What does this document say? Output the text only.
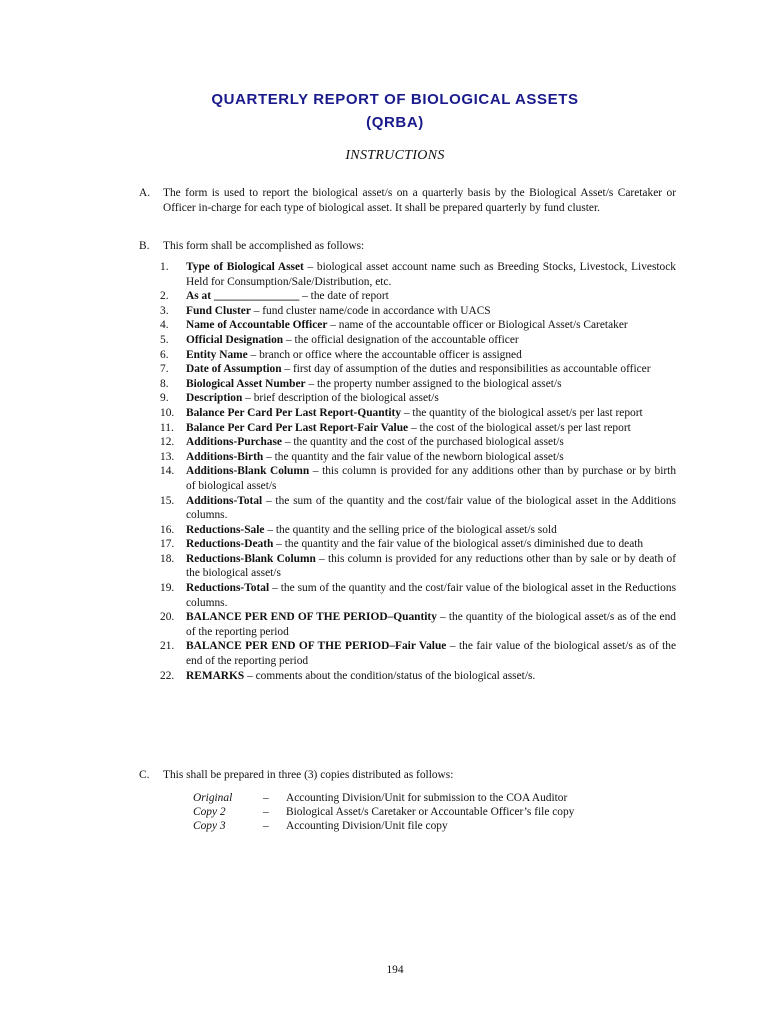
QUARTERLY REPORT OF BIOLOGICAL ASSETS
(QRBA)
INSTRUCTIONS
A. The form is used to report the biological asset/s on a quarterly basis by the Biological Asset/s Caretaker or Officer in-charge for each type of biological asset. It shall be prepared quarterly by fund cluster.
B. This form shall be accomplished as follows:
1. Type of Biological Asset – biological asset account name such as Breeding Stocks, Livestock, Livestock Held for Consumption/Sale/Distribution, etc.
2. As at _______________ – the date of report
3. Fund Cluster – fund cluster name/code in accordance with UACS
4. Name of Accountable Officer – name of the accountable officer or Biological Asset/s Caretaker
5. Official Designation – the official designation of the accountable officer
6. Entity Name – branch or office where the accountable officer is assigned
7. Date of Assumption – first day of assumption of the duties and responsibilities as accountable officer
8. Biological Asset Number – the property number assigned to the biological asset/s
9. Description – brief description of the biological asset/s
10. Balance Per Card Per Last Report-Quantity – the quantity of the biological asset/s per last report
11. Balance Per Card Per Last Report-Fair Value – the cost of the biological asset/s per last report
12. Additions-Purchase – the quantity and the cost of the purchased biological asset/s
13. Additions-Birth – the quantity and the fair value of the newborn biological asset/s
14. Additions-Blank Column – this column is provided for any additions other than by purchase or by birth of biological asset/s
15. Additions-Total – the sum of the quantity and the cost/fair value of the biological asset in the Additions columns.
16. Reductions-Sale – the quantity and the selling price of the biological asset/s sold
17. Reductions-Death – the quantity and the fair value of the biological asset/s diminished due to death
18. Reductions-Blank Column – this column is provided for any reductions other than by sale or by death of the biological asset/s
19. Reductions-Total – the sum of the quantity and the cost/fair value of the biological asset in the Reductions columns.
20. BALANCE PER END OF THE PERIOD–Quantity – the quantity of the biological asset/s as of the end of the reporting period
21. BALANCE PER END OF THE PERIOD–Fair Value – the fair value of the biological asset/s as of the end of the reporting period
22. REMARKS – comments about the condition/status of the biological asset/s.
C. This shall be prepared in three (3) copies distributed as follows:
Original	–	Accounting Division/Unit for submission to the COA Auditor
Copy 2	–	Biological Asset/s Caretaker or Accountable Officer’s file copy
Copy 3	–	Accounting Division/Unit file copy
194
